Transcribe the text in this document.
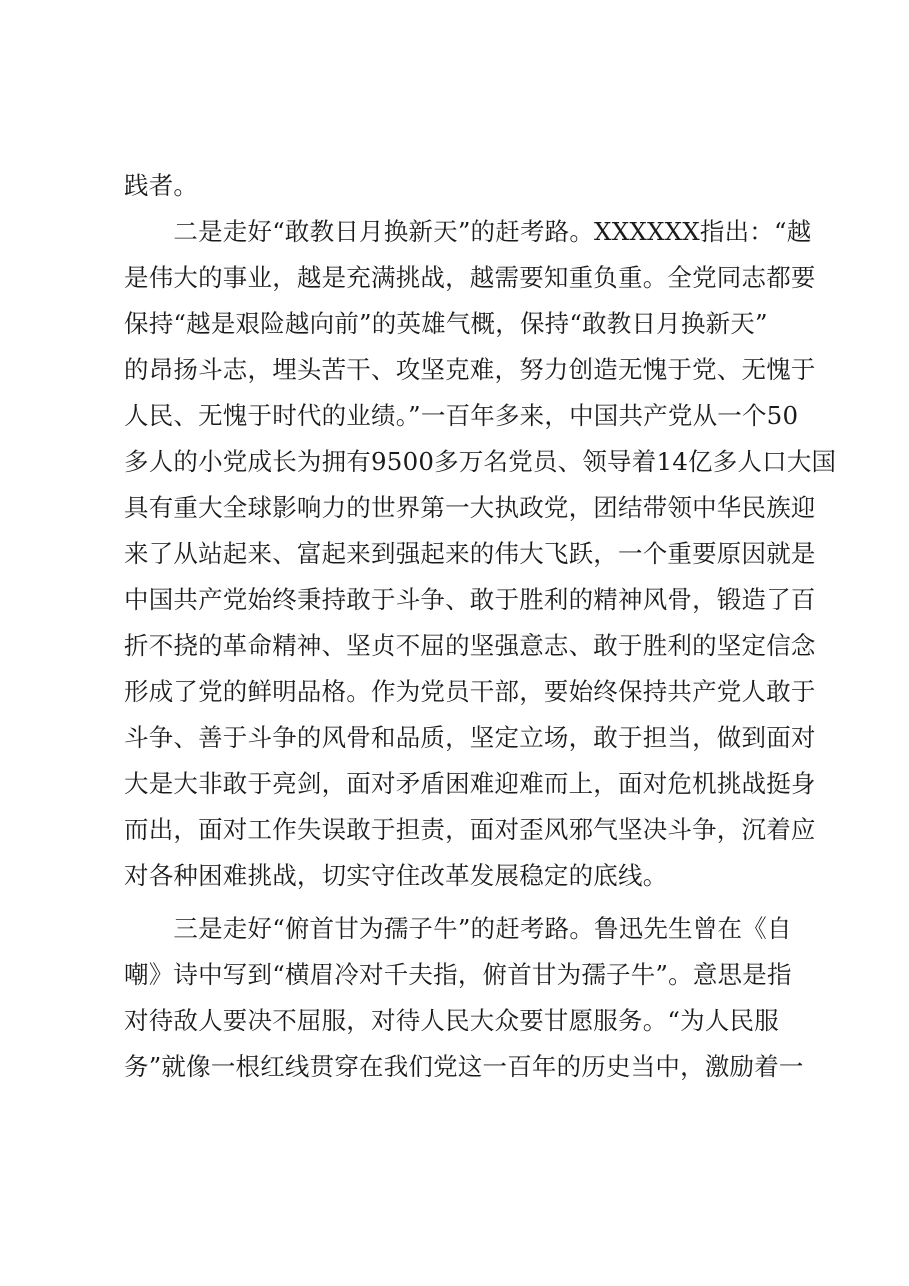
践者。
　　二是走好“敢教日月换新天”的赶考路。XXXXXX指出：“越
是伟大的事业，越是充满挑战，越需要知重负重。全党同志都要
保持“越是艰险越向前”的英雄气概，保持“敢教日月换新天”
的昂扬斗志，埋头苦干、攻坚克难，努力创造无愧于党、无愧于
人民、无愧于时代的业绩。”一百年多来，中国共产党从一个50
多人的小党成长为拥有9500多万名党员、领导着14亿多人口大国
具有重大全球影响力的世界第一大执政党，团结带领中华民族迎
来了从站起来、富起来到强起来的伟大飞跃，一个重要原因就是
中国共产党始终秉持敢于斗争、敢于胜利的精神风骨，锻造了百
折不挠的革命精神、坚贞不屈的坚强意志、敢于胜利的坚定信念
形成了党的鲜明品格。作为党员干部，要始终保持共产党人敢于
斗争、善于斗争的风骨和品质，坚定立场，敢于担当，做到面对
大是大非敢于亮剑，面对矛盾困难迎难而上，面对危机挑战挺身
而出，面对工作失误敢于担责，面对歪风邪气坚决斗争，沉着应
对各种困难挑战，切实守住改革发展稳定的底线。
　　三是走好“俯首甘为孺子牛”的赶考路。鲁迅先生曾在《自
嘲》诗中写到“横眉冷对千夫指，俯首甘为孺子牛”。意思是指
对待敌人要决不屈服，对待人民大众要甘愿服务。“为人民服
务”就像一根红线贯穿在我们党这一百年的历史当中，激励着一
